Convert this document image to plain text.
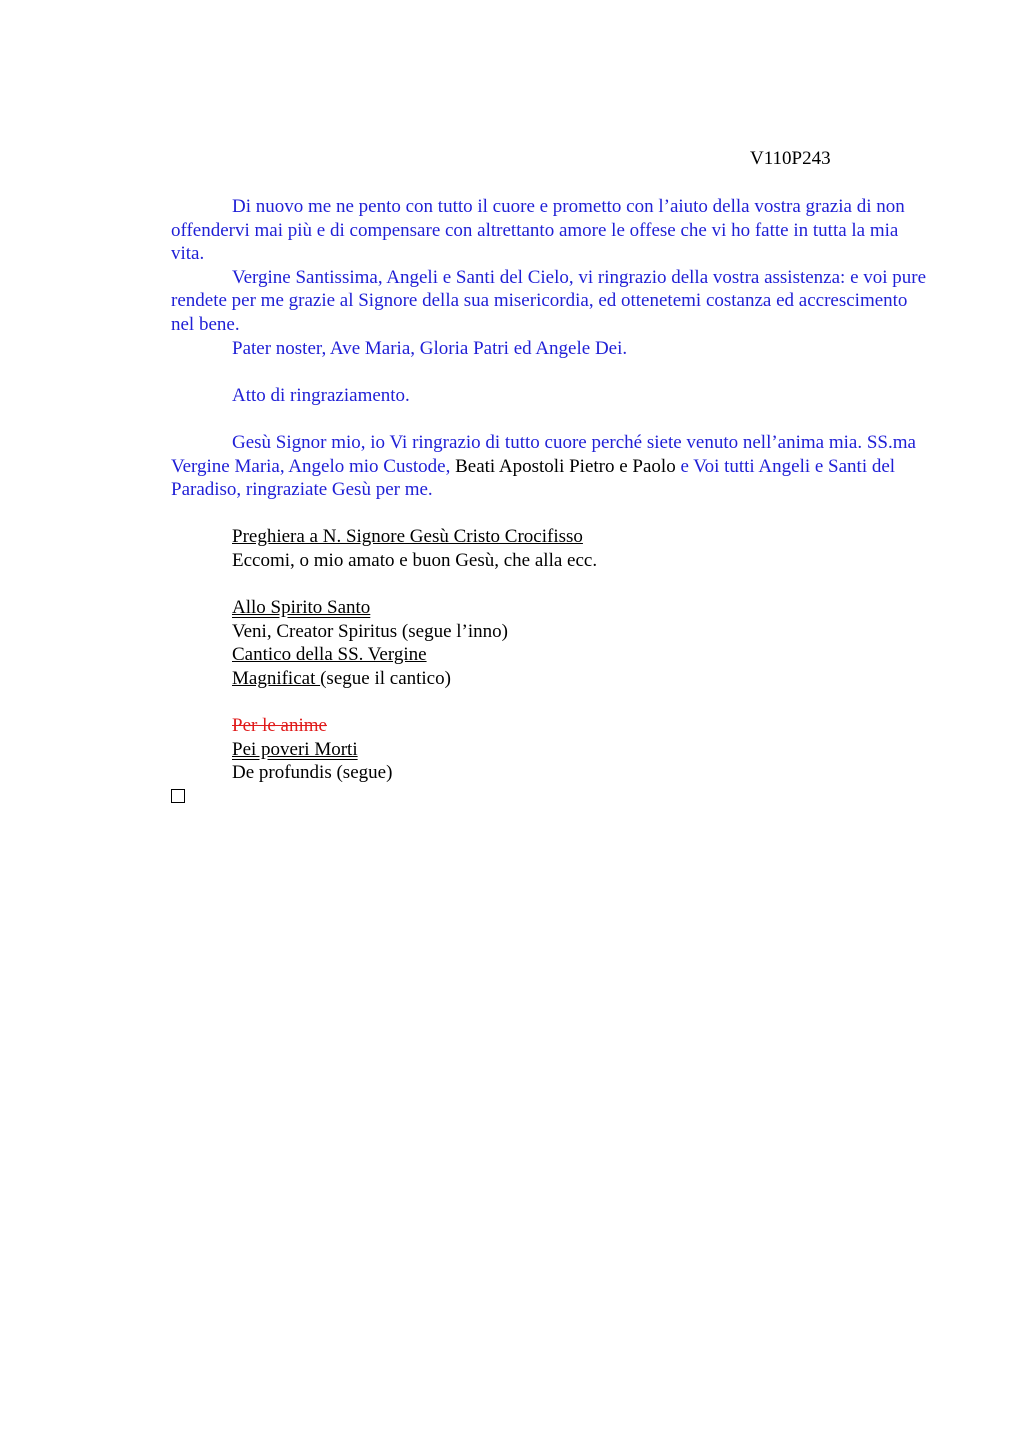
V110P243

Di nuovo me ne pento con tutto il cuore e prometto con l’aiuto della vostra grazia di non offendervi mai più e di compensare con altrettanto amore le offese che vi ho fatte in tutta la mia vita.

Vergine Santissima, Angeli e Santi del Cielo, vi ringrazio della vostra assistenza: e voi pure rendete per me grazie al Signore della sua misericordia, ed ottenetemi costanza ed accrescimento nel bene.

Pater noster, Ave Maria, Gloria Patri ed Angele Dei.

Atto di ringraziamento.

Gesù Signor mio, io Vi ringrazio di tutto cuore perché siete venuto nell’anima mia. SS.ma Vergine Maria, Angelo mio Custode, Beati Apostoli Pietro e Paolo e Voi tutti Angeli e Santi del Paradiso, ringraziate Gesù per me.

Preghiera a N. Signore Gesù Cristo Crocifisso

Eccomi, o mio amato e buon Gesù, che alla ecc.

Allo Spirito Santo

Veni, Creator Spiritus (segue l’inno)

Cantico della SS. Vergine

Magnificat (segue il cantico)

Per le anime

Pei poveri Morti

De profundis (segue)
